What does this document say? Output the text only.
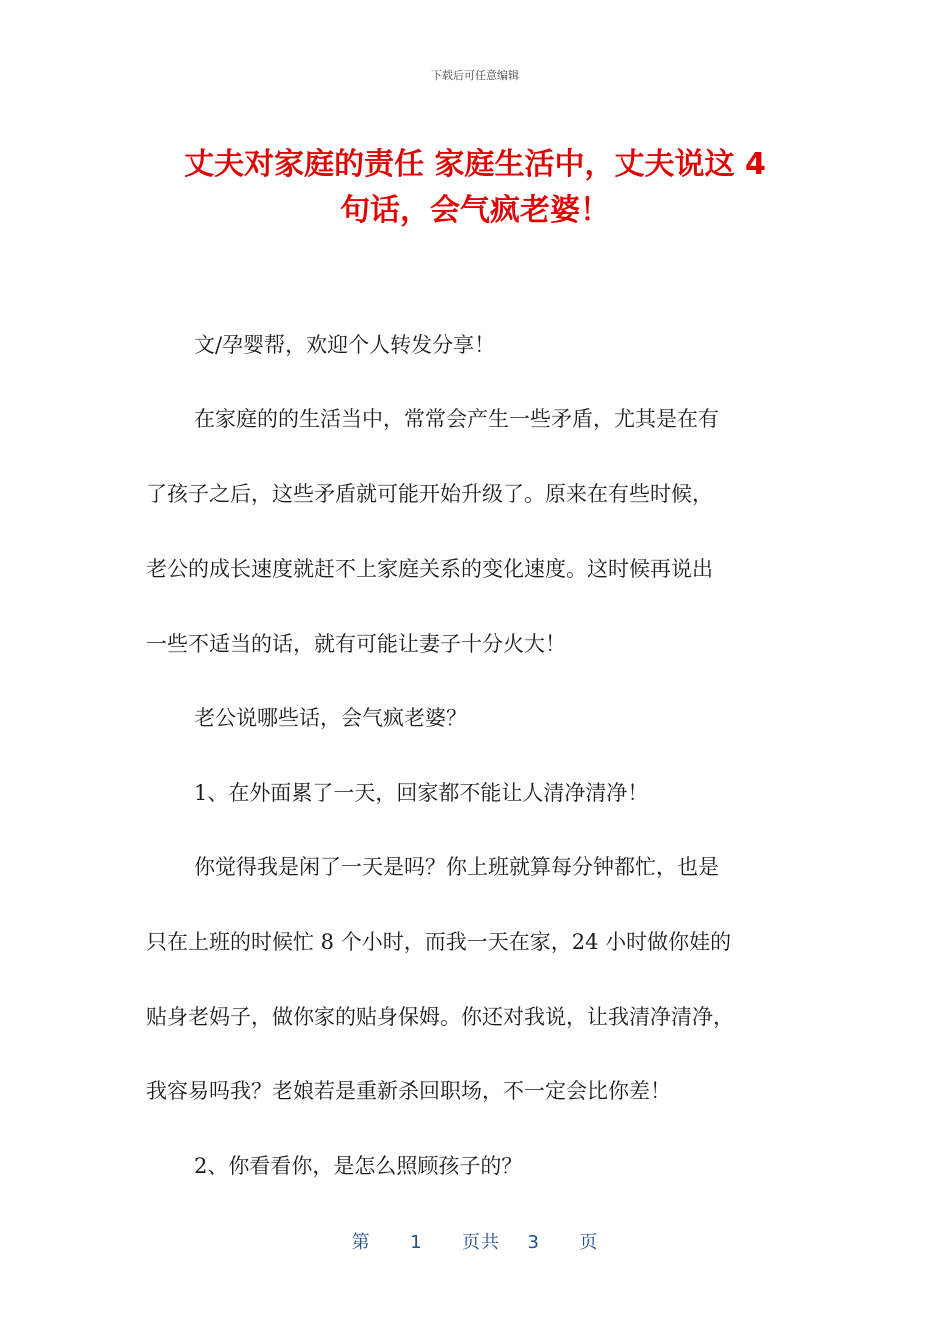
下载后可任意编辑
丈夫对家庭的责任 家庭生活中，丈夫说这 4
句话，会气疯老婆！
文/孕婴帮，欢迎个人转发分享！
在家庭的的生活当中，常常会产生一些矛盾，尤其是在有
了孩子之后，这些矛盾就可能开始升级了。原来在有些时候，
老公的成长速度就赶不上家庭关系的变化速度。这时候再说出
一些不适当的话，就有可能让妻子十分火大！
老公说哪些话，会气疯老婆？
1、在外面累了一天，回家都不能让人清净清净！
你觉得我是闲了一天是吗？你上班就算每分钟都忙，也是
只在上班的时候忙 8 个小时，而我一天在家，24 小时做你娃的
贴身老妈子，做你家的贴身保姆。你还对我说，让我清净清净，
我容易吗我？老娘若是重新杀回职场，不一定会比你差！
2、你看看你，是怎么照顾孩子的？
第 1 页共 3 页
